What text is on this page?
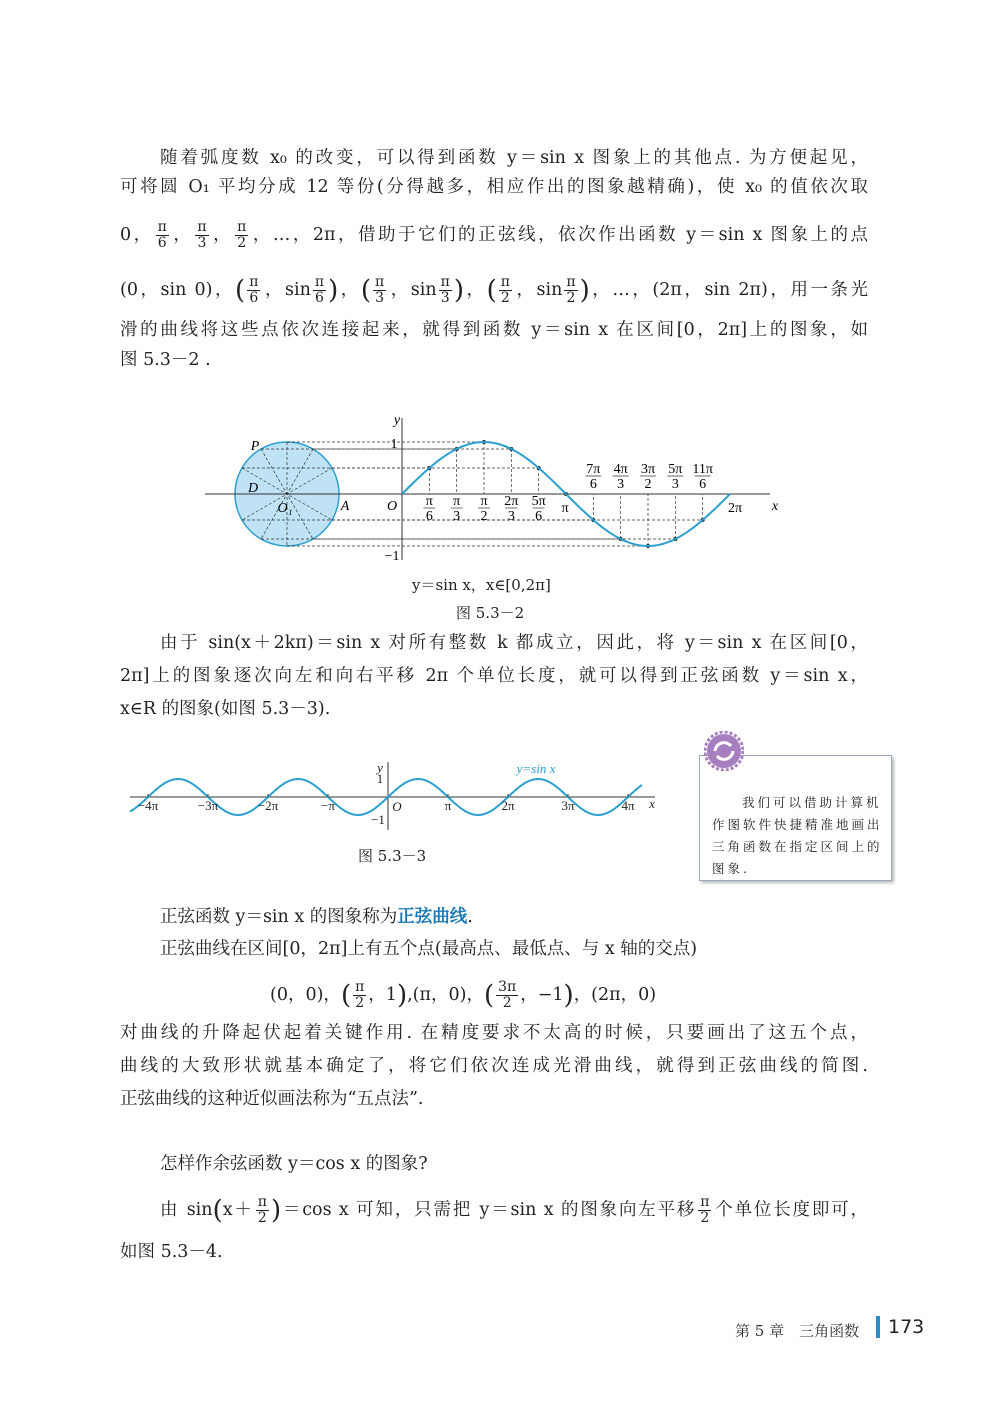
随着弧度数 x₀ 的改变，可以得到函数 y＝sin x 图象上的其他点. 为方便起见，
可将圆 O₁ 平均分成 12 等份(分得越多，相应作出的图象越精确)，使 x₀ 的值依次取
0， $\frac{\pi}{6}$ ， $\frac{\pi}{3}$ ， $\frac{\pi}{2}$ ，…，2π，借助于它们的正弦线，依次作出函数 y＝sin x 图象上的点
(0，sin 0)，( $\frac{\pi}{6}$ ，$\sin \frac{\pi}{6}$ )，( $\frac{\pi}{3}$ ，$\sin \frac{\pi}{3}$ )，( $\frac{\pi}{2}$ ，$\sin \frac{\pi}{2}$ )，…，(2π，sin 2π)，用一条光
滑的曲线将这些点依次连接起来，就得到函数 y＝sin x 在区间[0，2π]上的图象，如
图 5.3－2 .
y
x
1
−1
P
D
O₁	A	O	π	2π
π
6
π
3
π
2
2π
3
5π
6
7π
6
4π
3
3π
2
5π
3
11π
6
y＝sin x，x∈[0,2π]
图 5.3－2
由于 sin(x＋2kπ)＝sin x 对所有整数 k 都成立，因此，将 y＝sin x 在区间[0，
2π]上的图象逐次向左和向右平移 2π 个单位长度，就可以得到正弦函数 y＝sin x，
x∈R 的图象(如图 5.3－3).
−4π	−3π	−2π	−π	π	2π	3π	4π
y
x
1
−1
O
y=sin x
图 5.3－3
我们可以借助计算机作图软件快捷精准地画出三角函数在指定区间上的图象.
正弦函数 y＝sin x 的图象称为正弦曲线.
正弦曲线在区间[0，2π]上有五个点(最高点、最低点、与 x 轴的交点)
(0，0)，( $\frac{\pi}{2}$ ，1),(π，0)，( $\frac{3\pi}{2}$ ，−1)，(2π，0)
对曲线的升降起伏起着关键作用. 在精度要求不太高的时候，只要画出了这五个点，
曲线的大致形状就基本确定了，将它们依次连成光滑曲线，就得到正弦曲线的简图.
正弦曲线的这种近似画法称为“五点法”.
怎样作余弦函数 y＝cos x 的图象?
由 $\sin(x+ \frac{\pi}{2} )=\cos$ x 可知，只需把 y＝sin x 的图象向左平移 $\frac{\pi}{2}$ 个单位长度即可，
如图 5.3－4.
第 5 章　三角函数	173
